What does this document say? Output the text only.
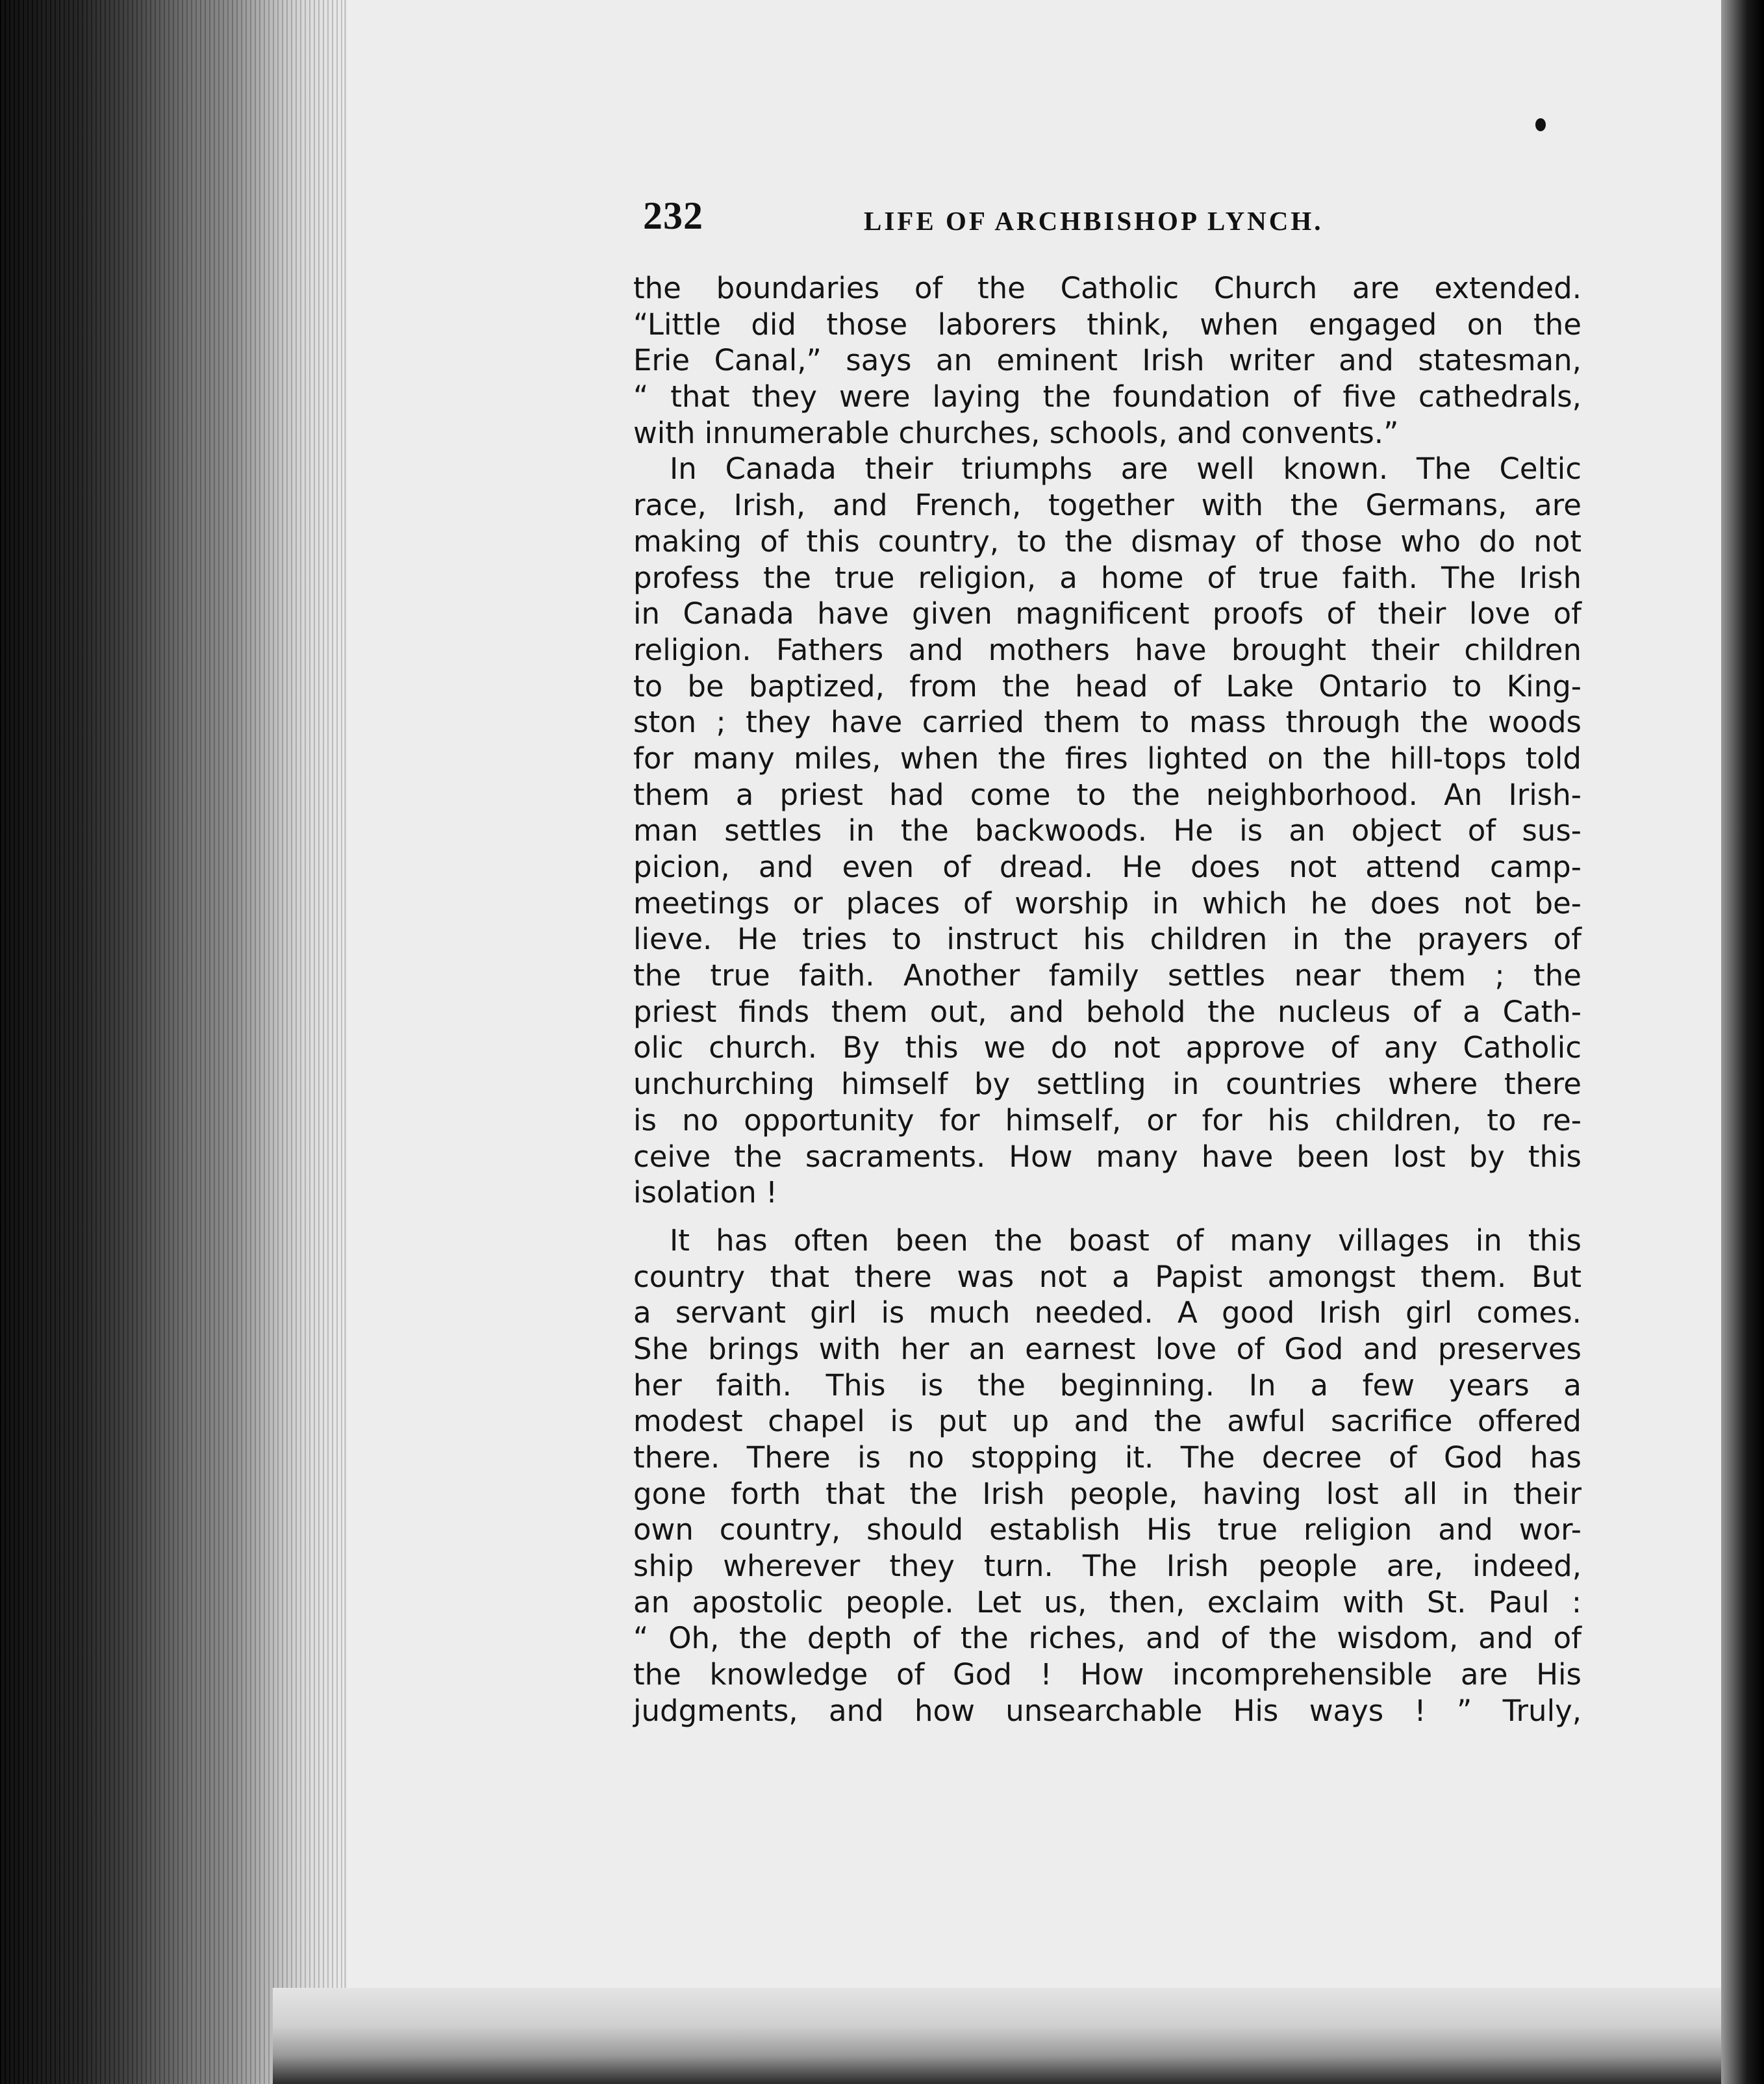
232	LIFE OF ARCHBISHOP LYNCH.
the boundaries of the Catholic Church are extended.
“Little did those laborers think, when engaged on the
Erie Canal,” says an eminent Irish writer and statesman,
“ that they were laying the foundation of five cathedrals,
with innumerable churches, schools, and convents.”
In Canada their triumphs are well known. The Celtic
race, Irish, and French, together with the Germans, are
making of this country, to the dismay of those who do not
profess the true religion, a home of true faith. The Irish
in Canada have given magnificent proofs of their love of
religion. Fathers and mothers have brought their children
to be baptized, from the head of Lake Ontario to King-
ston ; they have carried them to mass through the woods
for many miles, when the fires lighted on the hill-tops told
them a priest had come to the neighborhood. An Irish-
man settles in the backwoods. He is an object of sus-
picion, and even of dread. He does not attend camp-
meetings or places of worship in which he does not be-
lieve. He tries to instruct his children in the prayers of
the true faith. Another family settles near them ; the
priest finds them out, and behold the nucleus of a Cath-
olic church. By this we do not approve of any Catholic
unchurching himself by settling in countries where there
is no opportunity for himself, or for his children, to re-
ceive the sacraments. How many have been lost by this
isolation !
It has often been the boast of many villages in this
country that there was not a Papist amongst them. But
a servant girl is much needed. A good Irish girl comes.
She brings with her an earnest love of God and preserves
her faith. This is the beginning. In a few years a
modest chapel is put up and the awful sacrifice offered
there. There is no stopping it. The decree of God has
gone forth that the Irish people, having lost all in their
own country, should establish His true religion and wor-
ship wherever they turn. The Irish people are, indeed,
an apostolic people. Let us, then, exclaim with St. Paul :
“ Oh, the depth of the riches, and of the wisdom, and of
the knowledge of God ! How incomprehensible are His
judgments, and how unsearchable His ways ! ” Truly,
